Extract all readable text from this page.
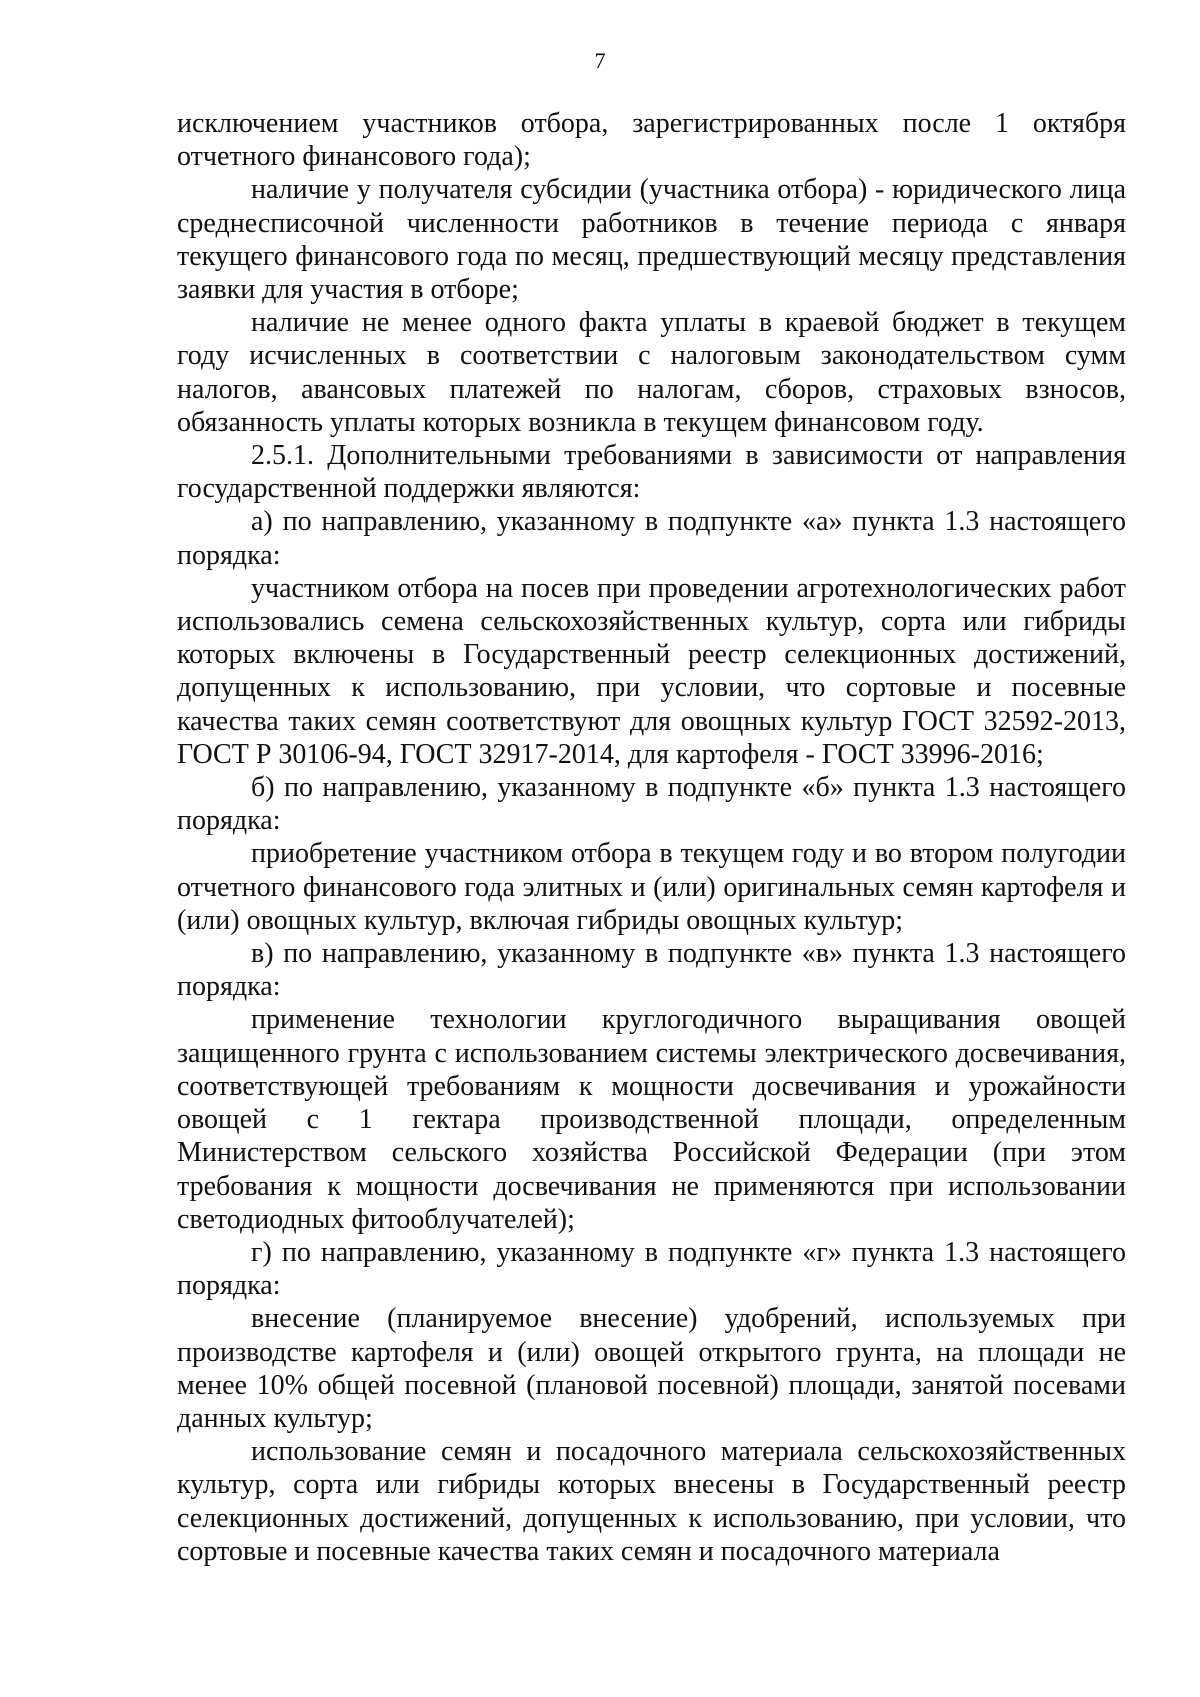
7

исключением участников отбора, зарегистрированных после 1 октября отчетного финансового года);

наличие у получателя субсидии (участника отбора) - юридического лица среднесписочной численности работников в течение периода с января текущего финансового года по месяц, предшествующий месяцу представления заявки для участия в отборе;

наличие не менее одного факта уплаты в краевой бюджет в текущем году исчисленных в соответствии с налоговым законодательством сумм налогов, авансовых платежей по налогам, сборов, страховых взносов, обязанность уплаты которых возникла в текущем финансовом году.

2.5.1. Дополнительными требованиями в зависимости от направления государственной поддержки являются:

а) по направлению, указанному в подпункте «а» пункта 1.3 настоящего порядка:

участником отбора на посев при проведении агротехнологических работ использовались семена сельскохозяйственных культур, сорта или гибриды которых включены в Государственный реестр селекционных достижений, допущенных к использованию, при условии, что сортовые и посевные качества таких семян соответствуют для овощных культур ГОСТ 32592-2013, ГОСТ Р 30106-94, ГОСТ 32917-2014, для картофеля - ГОСТ 33996-2016;

б) по направлению, указанному в подпункте «б» пункта 1.3 настоящего порядка:

приобретение участником отбора в текущем году и во втором полугодии отчетного финансового года элитных и (или) оригинальных семян картофеля и (или) овощных культур, включая гибриды овощных культур;

в) по направлению, указанному в подпункте «в» пункта 1.3 настоящего порядка:

применение технологии круглогодичного выращивания овощей защищенного грунта с использованием системы электрического досвечивания, соответствующей требованиям к мощности досвечивания и урожайности овощей с 1 гектара производственной площади, определенным Министерством сельского хозяйства Российской Федерации (при этом требования к мощности досвечивания не применяются при использовании светодиодных фитооблучателей);

г) по направлению, указанному в подпункте «г» пункта 1.3 настоящего порядка:

внесение (планируемое внесение) удобрений, используемых при производстве картофеля и (или) овощей открытого грунта, на площади не менее 10% общей посевной (плановой посевной) площади, занятой посевами данных культур;

использование семян и посадочного материала сельскохозяйственных культур, сорта или гибриды которых внесены в Государственный реестр селекционных достижений, допущенных к использованию, при условии, что сортовые и посевные качества таких семян и посадочного материала
